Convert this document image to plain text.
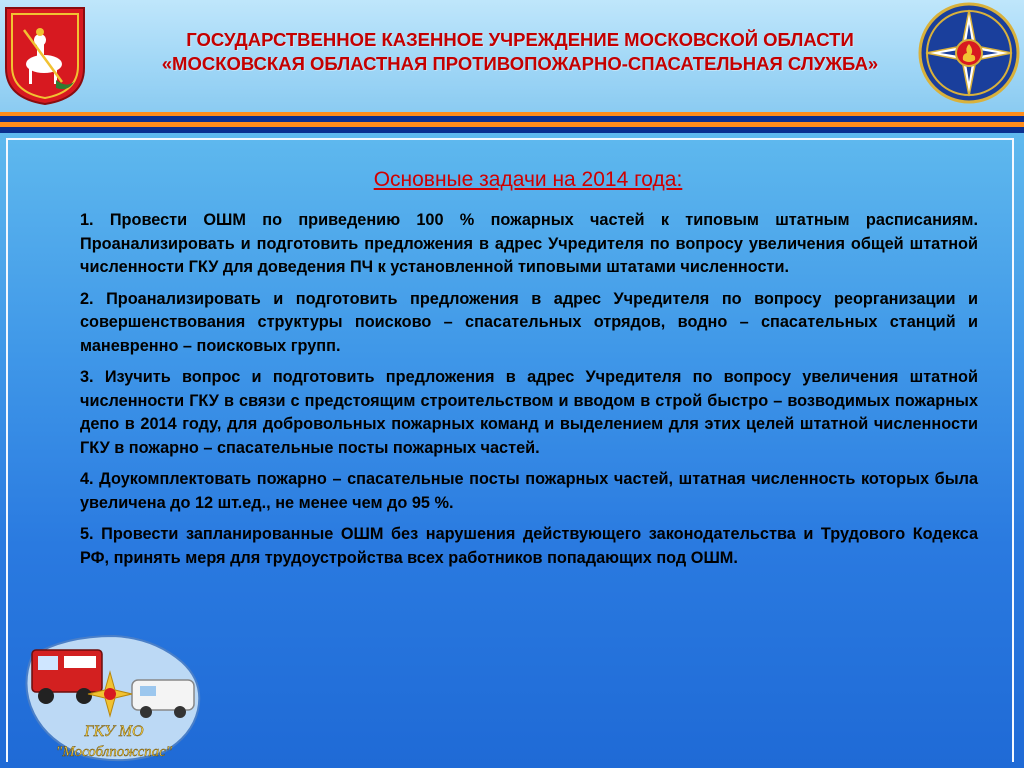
ГОСУДАРСТВЕННОЕ КАЗЕННОЕ УЧРЕЖДЕНИЕ МОСКОВСКОЙ ОБЛАСТИ
«МОСКОВСКАЯ ОБЛАСТНАЯ ПРОТИВОПОЖАРНО-СПАСАТЕЛЬНАЯ СЛУЖБА»
Основные задачи на 2014 года:

1. Провести ОШМ по приведению 100 % пожарных частей к типовым штатным расписаниям. Проанализировать и подготовить предложения в адрес Учредителя по вопросу увеличения общей штатной численности ГКУ для доведения ПЧ к установленной типовыми штатами численности.

2. Проанализировать и подготовить предложения в адрес Учредителя по вопросу реорганизации и совершенствования структуры поисково – спасательных отрядов, водно – спасательных станций и маневренно – поисковых групп.

3. Изучить вопрос и подготовить предложения в адрес Учредителя по вопросу увеличения штатной численности ГКУ в связи с предстоящим строительством и вводом в строй быстро – возводимых пожарных депо в 2014 году, для добровольных пожарных команд и выделением для этих целей штатной численности ГКУ в пожарно – спасательные посты пожарных частей.

4. Доукомплектовать пожарно – спасательные посты пожарных частей, штатная численность которых была увеличена до 12 шт.ед., не менее чем до 95 %.

5. Провести запланированные ОШМ без нарушения действующего законодательства и Трудового Кодекса РФ, принять меря для трудоустройства всех работников попадающих под ОШМ.

ГКУ МО
"Мособлпожспас"
